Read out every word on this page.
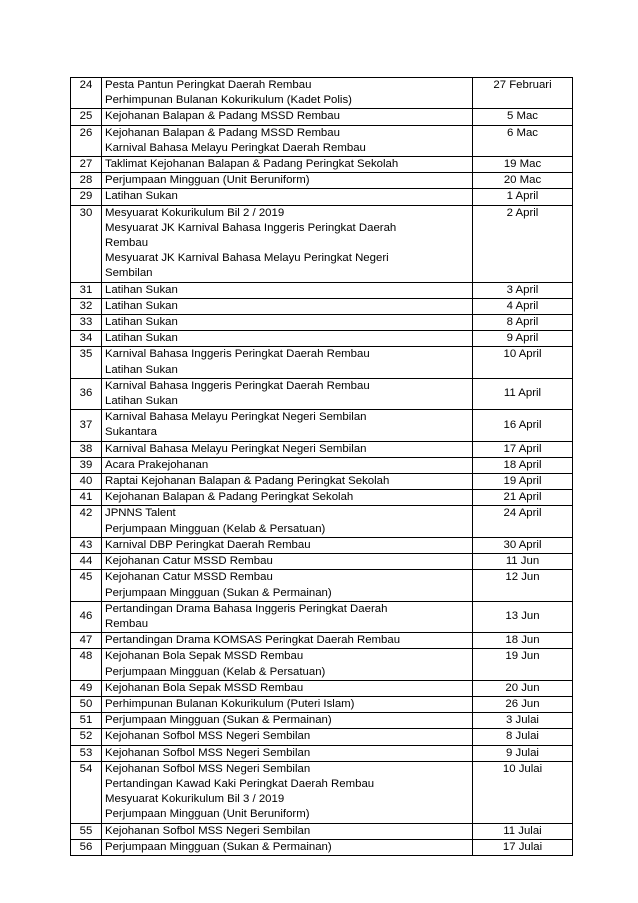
24	Pesta Pantun Peringkat Daerah Rembau
Perhimpunan Bulanan Kokurikulum (Kadet Polis)	27 Februari
25	Kejohanan Balapan & Padang MSSD Rembau	5 Mac
26	Kejohanan Balapan & Padang MSSD Rembau
Karnival Bahasa Melayu Peringkat Daerah Rembau	6 Mac
27	Taklimat Kejohanan Balapan & Padang Peringkat Sekolah	19 Mac
28	Perjumpaan Mingguan (Unit Beruniform)	20 Mac
29	Latihan Sukan	1 April
30	Mesyuarat Kokurikulum Bil 2 / 2019
Mesyuarat JK Karnival Bahasa Inggeris Peringkat Daerah
Rembau
Mesyuarat JK Karnival Bahasa Melayu Peringkat Negeri
Sembilan	2 April
31	Latihan Sukan	3 April
32	Latihan Sukan	4 April
33	Latihan Sukan	8 April
34	Latihan Sukan	9 April
35	Karnival Bahasa Inggeris Peringkat Daerah Rembau
Latihan Sukan	10 April
36	Karnival Bahasa Inggeris Peringkat Daerah Rembau
Latihan Sukan	11 April
37	Karnival Bahasa Melayu Peringkat Negeri Sembilan
Sukantara	16 April
38	Karnival Bahasa Melayu Peringkat Negeri Sembilan	17 April
39	Acara Prakejohanan	18 April
40	Raptai Kejohanan Balapan & Padang Peringkat Sekolah	19 April
41	Kejohanan Balapan & Padang Peringkat Sekolah	21 April
42	JPNNS Talent
Perjumpaan Mingguan (Kelab & Persatuan)	24 April
43	Karnival DBP Peringkat Daerah Rembau	30 April
44	Kejohanan Catur MSSD Rembau	11 Jun
45	Kejohanan Catur MSSD Rembau
Perjumpaan Mingguan (Sukan & Permainan)	12 Jun
46	Pertandingan Drama Bahasa Inggeris Peringkat Daerah
Rembau	13 Jun
47	Pertandingan Drama KOMSAS Peringkat Daerah Rembau	18 Jun
48	Kejohanan Bola Sepak MSSD Rembau
Perjumpaan Mingguan (Kelab & Persatuan)	19 Jun
49	Kejohanan Bola Sepak MSSD Rembau	20 Jun
50	Perhimpunan Bulanan Kokurikulum (Puteri Islam)	26 Jun
51	Perjumpaan Mingguan (Sukan & Permainan)	3 Julai
52	Kejohanan Sofbol MSS Negeri Sembilan	8 Julai
53	Kejohanan Sofbol MSS Negeri Sembilan	9 Julai
54	Kejohanan Sofbol MSS Negeri Sembilan
Pertandingan Kawad Kaki Peringkat Daerah Rembau
Mesyuarat Kokurikulum Bil 3 / 2019
Perjumpaan Mingguan (Unit Beruniform)	10 Julai
55	Kejohanan Sofbol MSS Negeri Sembilan	11 Julai
56	Perjumpaan Mingguan (Sukan & Permainan)	17 Julai
